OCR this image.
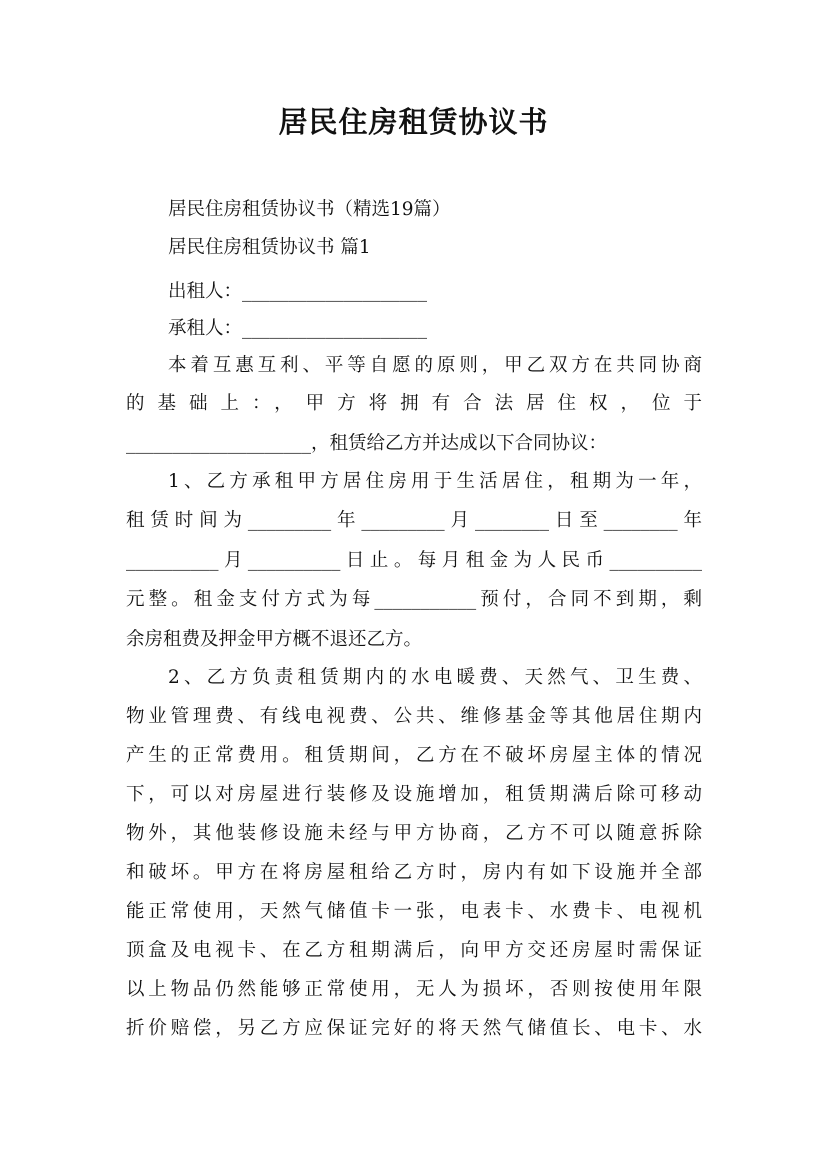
居民住房租赁协议书
居民住房租赁协议书（精选19篇）
居民住房租赁协议书 篇1
出租人：____________________
承租人：____________________
本着互惠互利、平等自愿的原则，甲乙双方在共同协商
的基础上：，甲方将拥有合法居住权，位于
____________________，租赁给乙方并达成以下合同协议：
1、乙方承租甲方居住房用于生活居住，租期为一年，
租赁时间为_________年_________月________日至________年
__________月__________日止。每月租金为人民币__________
元整。租金支付方式为每___________预付，合同不到期，剩
余房租费及押金甲方概不退还乙方。
2、乙方负责租赁期内的水电暖费、天然气、卫生费、
物业管理费、有线电视费、公共、维修基金等其他居住期内
产生的正常费用。租赁期间，乙方在不破坏房屋主体的情况
下，可以对房屋进行装修及设施增加，租赁期满后除可移动
物外，其他装修设施未经与甲方协商，乙方不可以随意拆除
和破坏。甲方在将房屋租给乙方时，房内有如下设施并全部
能正常使用，天然气储值卡一张，电表卡、水费卡、电视机
顶盒及电视卡、在乙方租期满后，向甲方交还房屋时需保证
以上物品仍然能够正常使用，无人为损坏，否则按使用年限
折价赔偿，另乙方应保证完好的将天然气储值长、电卡、水
